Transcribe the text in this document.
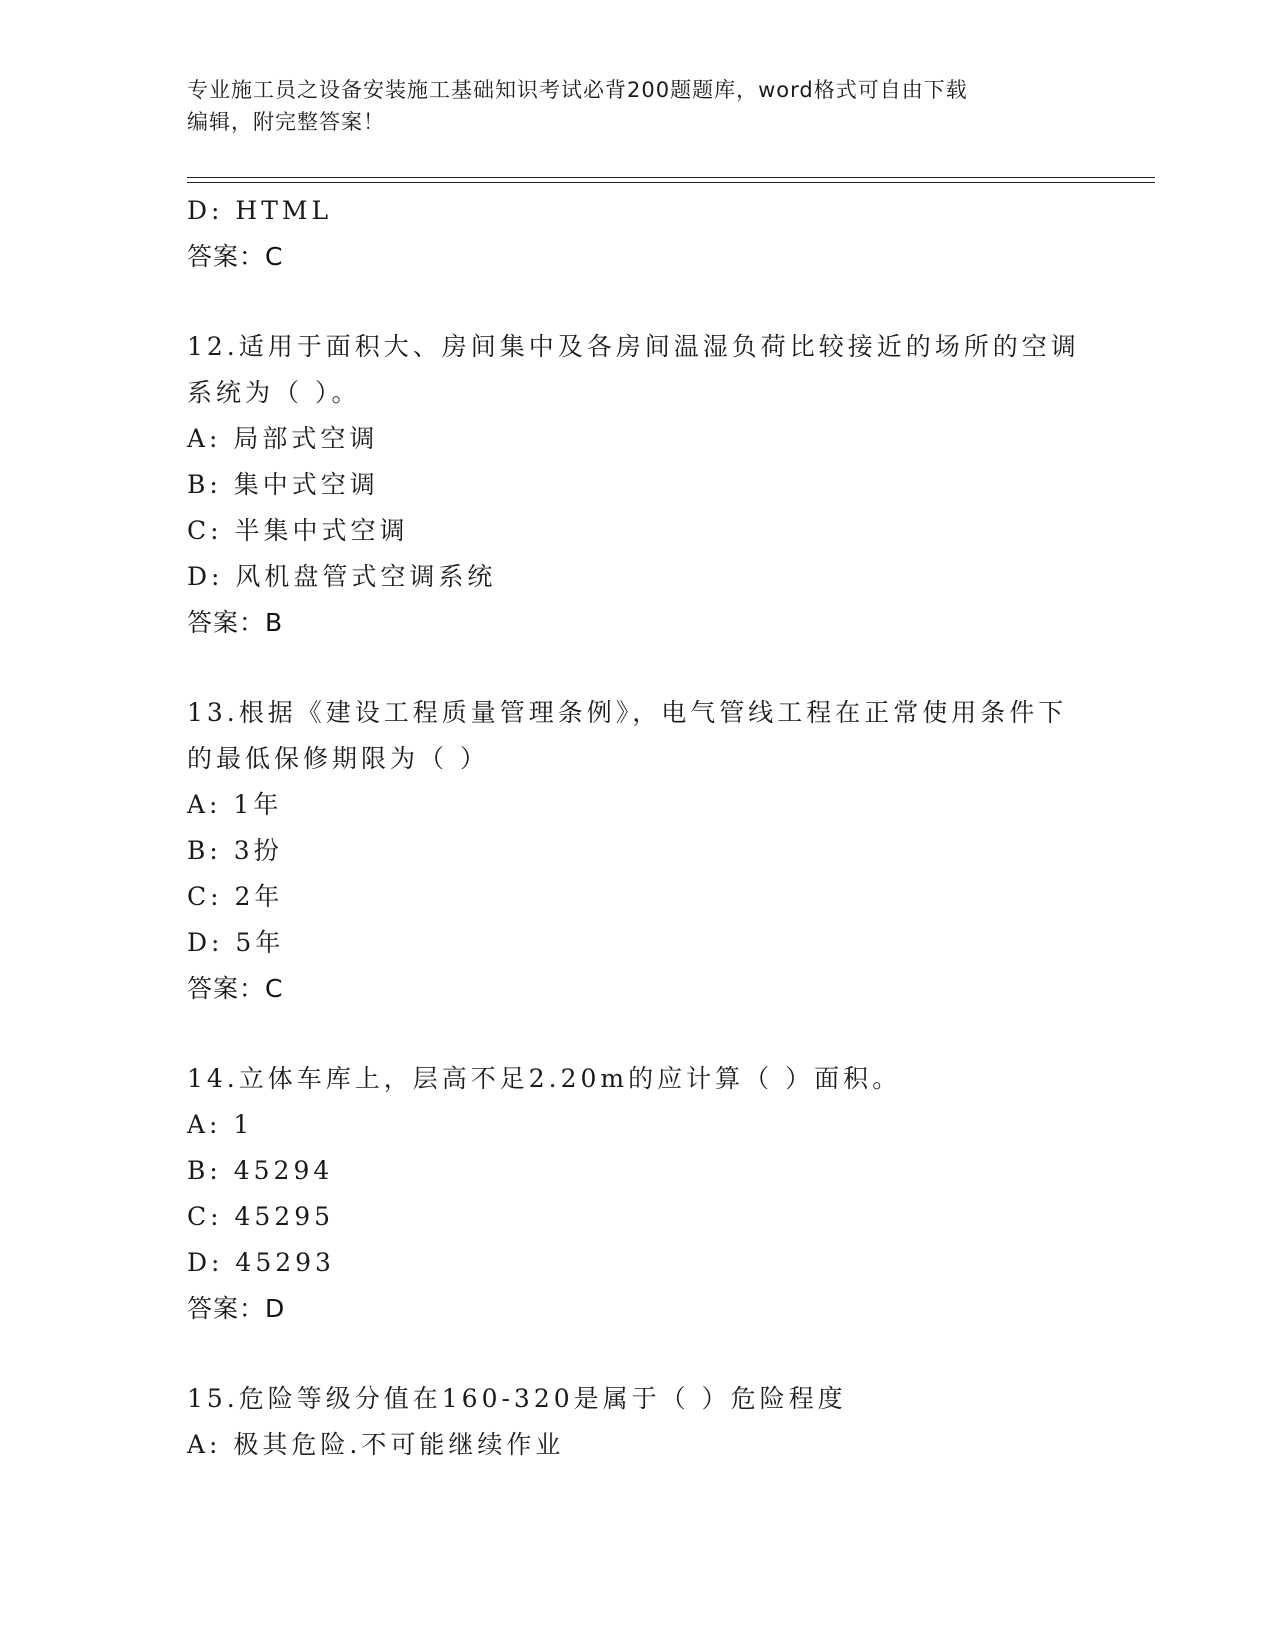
专业施工员之设备安装施工基础知识考试必背200题题库，word格式可自由下载
编辑，附完整答案！
D: HTML
答案：C
12.适用于面积大、房间集中及各房间温湿负荷比较接近的场所的空调
系统为（ ）。
A: 局部式空调
B: 集中式空调
C: 半集中式空调
D: 风机盘管式空调系统
答案：B
13.根据《建设工程质量管理条例》，电气管线工程在正常使用条件下
的最低保修期限为（ ）
A: 1年
B: 3扮
C: 2年
D: 5年
答案：C
14.立体车库上，层高不足2.20m的应计算（ ）面积。
A: 1
B: 45294
C: 45295
D: 45293
答案：D
15.危险等级分值在160-320是属于（ ）危险程度
A: 极其危险.不可能继续作业
